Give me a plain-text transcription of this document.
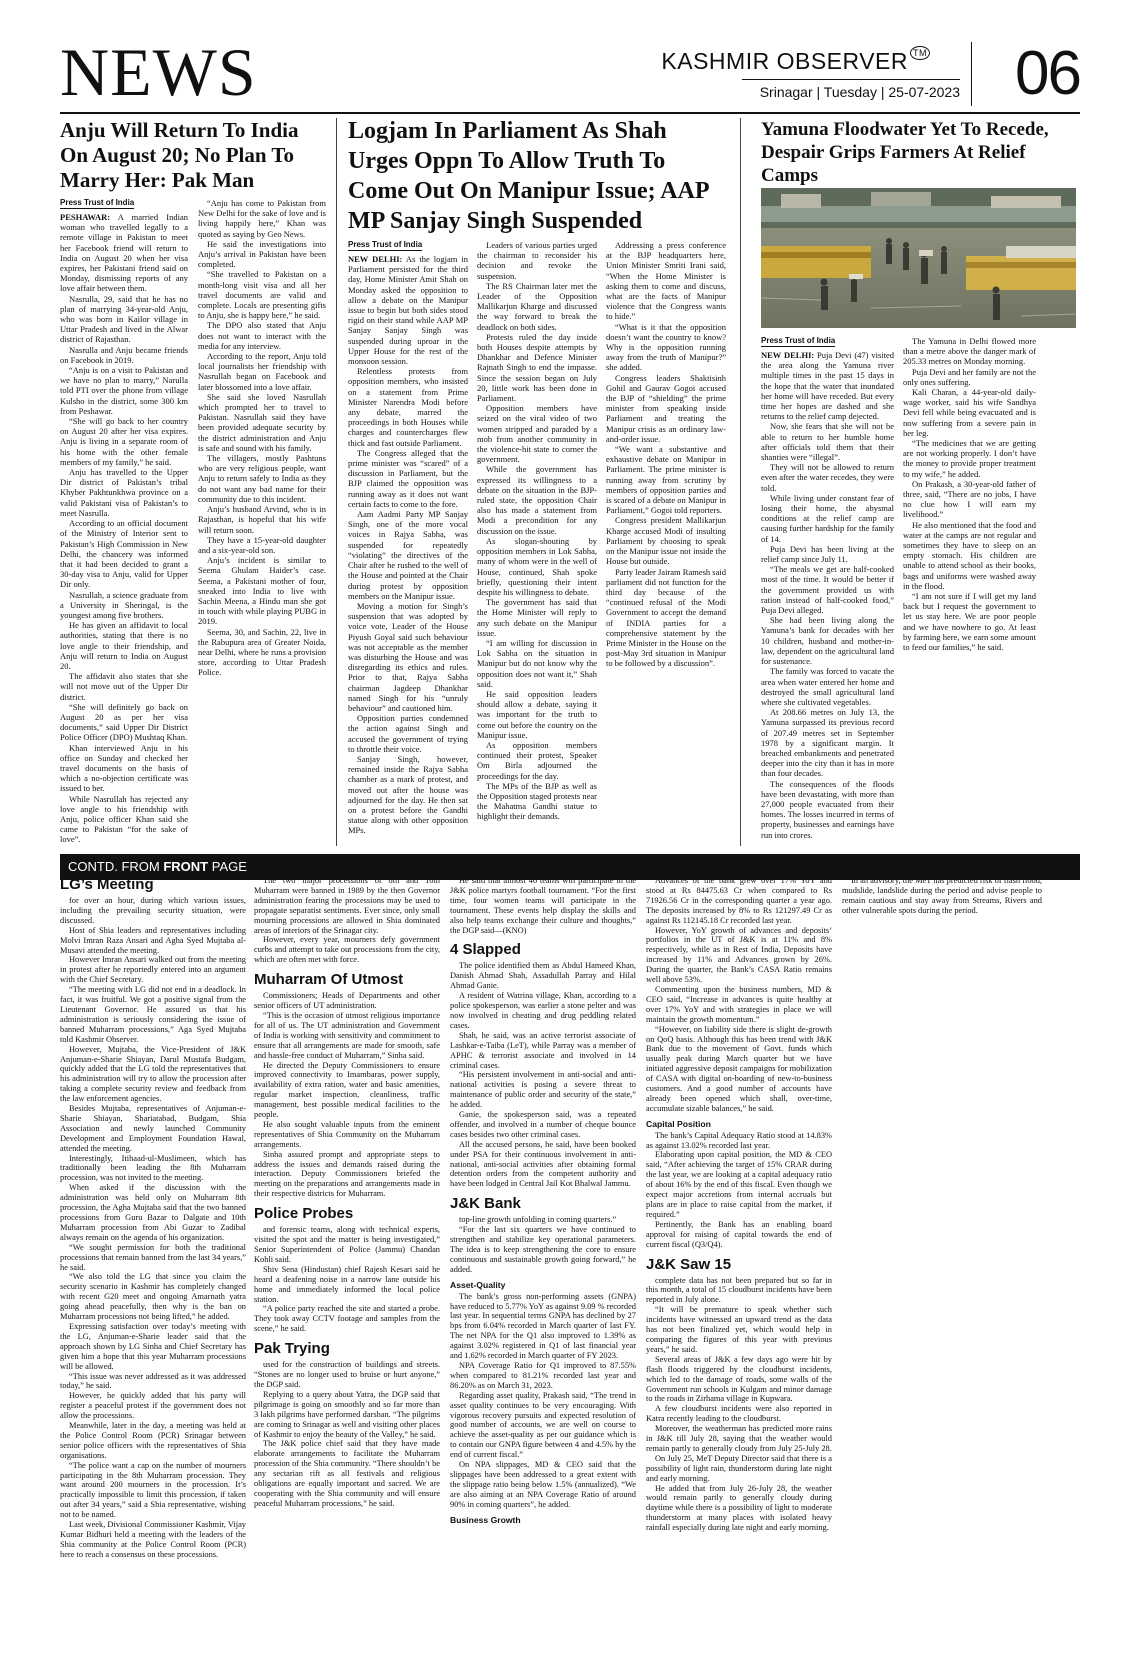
NEWS	KASHMIR OBSERVER ™
Srinagar | Tuesday | 25-07-2023 06
Anju Will Return To India On August 20; No Plan To Marry Her: Pak Man
Press Trust of India

PESHAWAR: A married Indian woman who travelled legally to a remote village in Pakistan to meet her Facebook friend will return to India on August 20 when her visa expires, her Pakistani friend said on Monday, dismissing reports of any love affair between them.

Nasrulla, 29, said that he has no plan of marrying 34-year-old Anju, who was born in Kailor village in Uttar Pradesh and lived in the Alwar district of Rajasthan.

Nasrulla and Anju became friends on Facebook in 2019.

“Anju is on a visit to Pakistan and we have no plan to marry,” Narulla told PTI over the phone from village Kulsho in the district, some 300 km from Peshawar.

“She will go back to her country on August 20 after her visa expires. Anju is living in a separate room of his home with the other female members of my family,” he said.

Anju has travelled to the Upper Dir district of Pakistan’s tribal Khyber Pakhtunkhwa province on a valid Pakistani visa of Pakistan’s to meet Nasrulla.

According to an official document of the Ministry of Interior sent to Pakistan’s High Commission in New Delhi, the chancery was informed that it had been decided to grant a 30-day visa to Anju, valid for Upper Dir only.

Nasrullah, a science graduate from a University in Sheringal, is the youngest among five brothers.

He has given an affidavit to local authorities, stating that there is no love angle to their friendship, and Anju will return to India on August 20.

The affidavit also states that she will not move out of the Upper Dir district.

“She will definitely go back on August 20 as per her visa documents,” said Upper Dir District Police Officer (DPO) Mushtaq Khan.

Khan interviewed Anju in his office on Sunday and checked her travel documents on the basis of which a no-objection certificate was issued to her.

While Nasrullah has rejected any love angle to his friendship with Anju, police officer Khan said she came to Pakistan “for the sake of love”.

“Anju has come to Pakistan from New Delhi for the sake of love and is living happily here,” Khan was quoted as saying by Geo News.

He said the investigations into Anju’s arrival in Pakistan have been completed.

“She travelled to Pakistan on a month-long visit visa and all her travel documents are valid and complete. Locals are presenting gifts to Anju, she is happy here,” he said.

The DPO also stated that Anju does not want to interact with the media for any interview.

According to the report, Anju told local journalists her friendship with Nasrullah began on Facebook and later blossomed into a love affair.

She said she loved Nasrullah which prompted her to travel to Pakistan. Nasrullah said they have been provided adequate security by the district administration and Anju is safe and sound with his family.

The villagers, mostly Pashtuns who are very religious people, want Anju to return safely to India as they do not want any bad name for their community due to this incident.

Anju’s husband Arvind, who is in Rajasthan, is hopeful that his wife will return soon.

They have a 15-year-old daughter and a six-year-old son.

Anju’s incident is similar to Seema Ghulam Haider’s case. Seema, a Pakistani mother of four, sneaked into India to live with Sachin Meena, a Hindu man she got in touch with while playing PUBG in 2019.

Seema, 30, and Sachin, 22, live in the Rabupura area of Greater Noida, near Delhi, where he runs a provision store, according to Uttar Pradesh Police.

Logjam In Parliament As Shah Urges Oppn To Allow Truth To Come Out On Manipur Issue; AAP MP Sanjay Singh Suspended
Press Trust of India

NEW DELHI: As the logjam in Parliament persisted for the third day, Home Minister Amit Shah on Monday asked the opposition to allow a debate on the Manipur issue to begin but both sides stood rigid on their stand while AAP MP Sanjay Sanjay Singh was suspended during uproar in the Upper House for the rest of the monsoon session.

Relentless protests from opposition members, who insisted on a statement from Prime Minister Narendra Modi before any debate, marred the proceedings in both Houses while charges and countercharges flew thick and fast outside Parliament.

The Congress alleged that the prime minister was “scared” of a discussion in Parliament, but the BJP claimed the opposition was running away as it does not want certain facts to come to the fore.

Aam Aadmi Party MP Sanjay Singh, one of the more vocal voices in Rajya Sabha, was suspended for repeatedly “violating” the directives of the Chair after he rushed to the well of the House and pointed at the Chair during protest by opposition members on the Manipur issue.

Moving a motion for Singh’s suspension that was adopted by voice vote, Leader of the House Piyush Goyal said such behaviour was not acceptable as the member was disturbing the House and was disregarding its ethics and rules. Prior to that, Rajya Sabha chairman Jagdeep Dhankhar named Singh for his “unruly behaviour” and cautioned him.

Opposition parties condemned the action against Singh and accused the government of trying to throttle their voice.

Sanjay Singh, however, remained inside the Rajya Sabha chamber as a mark of protest, and moved out after the house was adjourned for the day. He then sat on a protest before the Gandhi statue along with other opposition MPs.

Leaders of various parties urged the chairman to reconsider his decision and revoke the suspension.

The RS Chairman later met the Leader of the Opposition Mallikarjun Kharge and discussed the way forward to break the deadlock on both sides.

Protests ruled the day inside both Houses despite attempts by Dhankhar and Defence Minister Rajnath Singh to end the impasse. Since the session began on July 20, little work has been done in Parliament.

Opposition members have seized on the viral video of two women stripped and paraded by a mob from another community in the violence-hit state to corner the government.

While the government has expressed its willingness to a debate on the situation in the BJP-ruled state, the opposition Chair also has made a statement from Modi a precondition for any discussion on the issue.

As slogan-shouting by opposition members in Lok Sabha, many of whom were in the well of House, continued, Shah spoke briefly, questioning their intent despite his willingness to debate.

The government has said that the Home Minister will reply to any such debate on the Manipur issue.

“I am willing for discussion in Lok Sabha on the situation in Manipur but do not know why the opposition does not want it,” Shah said.

He said opposition leaders should allow a debate, saying it was important for the truth to come out before the country on the Manipur issue.

As opposition members continued their protest, Speaker Om Birla adjourned the proceedings for the day.

The MPs of the BJP as well as the Opposition staged protests near the Mahatma Gandhi statue to highlight their demands.

Addressing a press conference at the BJP headquarters here, Union Minister Smriti Irani said, “When the Home Minister is asking them to come and discuss, what are the facts of Manipur violence that the Congress wants to hide.”

“What is it that the opposition doesn’t want the country to know? Why is the opposition running away from the truth of Manipur?” she added.

Congress leaders Shaktisinh Gohil and Gaurav Gogoi accused the BJP of “shielding” the prime minister from speaking inside Parliament and treating the Manipur crisis as an ordinary law-and-order issue.

“We want a substantive and exhaustive debate on Manipur in Parliament. The prime minister is running away from scrutiny by members of opposition parties and is scared of a debate on Manipur in Parliament,” Gogoi told reporters.

Congress president Mallikarjun Kharge accused Modi of insulting Parliament by choosing to speak on the Manipur issue not inside the House but outside.

Party leader Jairam Ramesh said parliament did not function for the third day because of the “continued refusal of the Modi Government to accept the demand of INDIA parties for a comprehensive statement by the Prime Minister in the House on the post-May 3rd situation in Manipur to be followed by a discussion”.

Yamuna Floodwater Yet To Recede, Despair Grips Farmers At Relief Camps
Press Trust of India

NEW DELHI: Puja Devi (47) visited the area along the Yamuna river multiple times in the past 15 days in the hope that the water that inundated her home will have receded. But every time her hopes are dashed and she returns to the relief camp dejected.

Now, she fears that she will not be able to return to her humble home after officials told them that their shanties were “illegal”.

They will not be allowed to return even after the water recedes, they were told.

While living under constant fear of losing their home, the abysmal conditions at the relief camp are causing further hardship for the family of 14.

Puja Devi has been living at the relief camp since July 11.

“The meals we get are half-cooked most of the time. It would be better if the government provided us with ration instead of half-cooked food,” Puja Devi alleged.

She had been living along the Yamuna’s bank for decades with her 10 children, husband and mother-in-law, dependent on the agricultural land for sustenance.

The family was forced to vacate the area when water entered her home and destroyed the small agricultural land where she cultivated vegetables.

At 208.66 metres on July 13, the Yamuna surpassed its previous record of 207.49 metres set in September 1978 by a significant margin. It breached embankments and penetrated deeper into the city than it has in more than four decades.

The consequences of the floods have been devastating, with more than 27,000 people evacuated from their homes. The losses incurred in terms of property, businesses and earnings have run into crores.

The Yamuna in Delhi flowed more than a metre above the danger mark of 205.33 metres on Monday morning.

Puja Devi and her family are not the only ones suffering.

Kali Charan, a 44-year-old daily-wage worker, said his wife Sandhya Devi fell while being evacuated and is now suffering from a severe pain in her leg.

“The medicines that we are getting are not working properly. I don’t have the money to provide proper treatment to my wife,” he added.

On Prakash, a 30-year-old father of three, said, “There are no jobs, I have no clue how I will earn my livelihood.”

He also mentioned that the food and water at the camps are not regular and sometimes they have to sleep on an empty stomach. His children are unable to attend school as their books, bags and uniforms were washed away in the flood.

“I am not sure if I will get my land back but I request the government to let us stay here. We are poor people and we have nowhere to go. At least by farming here, we earn some amount to feed our families,” he said.

CONTD. FROM FRONT PAGE

LG’s Meeting

for over an hour, during which various issues, including the prevailing security situation, were discussed.

Host of Shia leaders and representatives including Molvi Imran Raza Ansari and Agha Syed Mujtaba al-Musavi attended the meeting.

However Imran Ansari walked out from the meeting in protest after he reportedly entered into an argument with the Chief Secretary.

“The meeting with LG did not end in a deadlock. In fact, it was fruitful. We got a positive signal from the Lieutenant Governor. He assured us that his administration is seriously considering the issue of banned Muharram processions,” Aga Syed Mujtaba told Kashmir Observer.

However, Mujtaba, the Vice-President of J&K Anjuman-e-Sharie Shiayan, Darul Mustafa Budgam, quickly added that the LG told the representatives that his administration will try to allow the procession after taking a complete security review and feedback from the law enforcement agencies.

Besides Mujtaba, representatives of Anjuman-e-Sharie Shiayan, Shariatabad, Budgam, Shia Association and newly launched Community Development and Employment Foundation Hawal, attended the meeting.

Interestingly, Itihaad-ul-Muslimeen, which has traditionally been leading the 8th Muharram procession, was not invited to the meeting.

When asked if the discussion with the administration was held only on Muharram 8th procession, the Agha Mujtaba said that the two banned processions from Guru Bazar to Dalgate and 10th Muharram procession from Abi Guzar to Zadibal always remain on the agenda of his organization.

“We sought permission for both the traditional processions that remain banned from the last 34 years,” he said.

“We also told the LG that since you claim the security scenario in Kashmir has completely changed with recent G20 meet and ongoing Amarnath yatra going ahead peacefully, then why is the ban on Muharram processions not being lifted,” he added.

Expressing satisfaction over today’s meeting with the LG, Anjuman-e-Sharie leader said that the approach shown by LG Sinha and Chief Secretary has given him a hope that this year Muharram processions will be allowed.

“This issue was never addressed as it was addressed today,” he said.

However, he quickly added that his party will register a peaceful protest if the government does not allow the processions.

Meanwhile, later in the day, a meeting was held at the Police Control Room (PCR) Srinagar between senior police officers with the representatives of Shia organisations.

“The police want a cap on the number of mourners participating in the 8th Muharram procession. They want around 200 mourners in the procession. It’s practically impossible to limit this procession, if taken out after 34 years,” said a Shia representative, wishing not to be named.

Last week, Divisional Commissioner Kashmir, Vijay Kumar Bidhuri held a meeting with the leaders of the Shia community at the Police Control Room (PCR) here to reach a consensus on these processions.

The two major processions of 8th and 10th Muharram were banned in 1989 by the then Governor administration fearing the processions may be used to propagate separatist sentiments. Ever since, only small mourning processions are allowed in Shia dominated areas of interiors of the Srinagar city.

However, every year, mourners defy government curbs and attempt to take out processions from the city, which are often met with force.

Muharram Of Utmost

Commissioners; Heads of Departments and other senior officers of UT administration.

“This is the occasion of utmost religious importance for all of us. The UT administration and Government of India is working with sensitivity and commitment to ensure that all arrangements are made for smooth, safe and hassle-free conduct of Muharram,” Sinha said.

He directed the Deputy Commissioners to ensure improved connectivity to Imambaras, power supply, availability of extra ration, water and basic amenities, regular market inspection, cleanliness, traffic management, best possible medical facilities to the people.

He also sought valuable inputs from the eminent representatives of Shia Community on the Muharram arrangements.

Sinha assured prompt and appropriate steps to address the issues and demands raised during the interaction. Deputy Commissioners briefed the meeting on the preparations and arrangements made in their respective districts for Muharram.

Police Probes

and forensic teams, along with technical experts, visited the spot and the matter is being investigated,” Senior Superintendent of Police (Jammu) Chandan Kohli said.

Shiv Sena (Hindustan) chief Rajesh Kesari said he heard a deafening noise in a narrow lane outside his home and immediately informed the local police station.

“A police party reached the site and started a probe. They took away CCTV footage and samples from the scene,” he said.

Pak Trying

used for the construction of buildings and streets. “Stones are no longer used to bruise or hurt anyone,” the DGP said.

Replying to a query about Yatra, the DGP said that pilgrimage is going on smoothly and so far more than 3 lakh pilgrims have performed darshan. “The pilgrims are coming to Srinagar as well and visiting other places of Kashmir to enjoy the beauty of the Valley,” he said.

The J&K police chief said that they have made elaborate arrangements to facilitate the Muharram procession of the Shia community. “There shouldn’t be any sectarian rift as all festivals and religious obligations are equally important and sacred. We are cooperating with the Shia community and will ensure peaceful Muharram processions,” he said.

He said that almost 46 teams will participate in the J&K police martyrs football tournament. “For the first time, four women teams will participate in the tournament. These events help display the skills and also help teams exchange their culture and thoughts,” the DGP said—(KNO)

4 Slapped

The police identified them as Abdul Hameed Khan, Danish Ahmad Shah, Assadullah Parray and Hilal Ahmad Ganie.

A resident of Watrina village, Khan, according to a police spokesperson, was earlier a stone pelter and was now involved in cheating and drug peddling related cases.

Shah, he said, was an active terrorist associate of Lashkar-e-Taiba (LeT), while Parray was a member of APHC & terrorist associate and involved in 14 criminal cases.

“His persistent involvement in anti-social and anti-national activities is posing a severe threat to maintenance of public order and security of the state,” he added.

Ganie, the spokesperson said, was a repeated offender, and involved in a number of cheque bounce cases besides two other criminal cases.

All the accused persons, he said, have been booked under PSA for their continuous involvement in anti-national, anti-social activities after obtaining formal detention orders from the competent authority and have been lodged in Central Jail Kot Bhalwal Jammu.

J&K Bank

top-line growth unfolding in coming quarters.”

“For the last six quarters we have continued to strengthen and stabilize key operational parameters. The idea is to keep strengthening the core to ensure continuous and sustainable growth going forward,” he added.

Asset-Quality

The bank’s gross non-performing assets (GNPA) have reduced to 5.77% YoY as against 9.09 % recorded last year. In sequential terms GNPA has declined by 27 bps from 6.04% recorded in March quarter of last FY. The net NPA for the Q1 also improved to 1.39% as against 3.02% registered in Q1 of last financial year and 1.62% recorded in March quarter of FY 2023.

NPA Coverage Ratio for Q1 improved to 87.55% when compared to 81.21% recorded last year and 86.20% as on March 31, 2023.

Regarding asset quality, Prakash said, “The trend in asset quality continues to be very encouraging. With vigorous recovery pursuits and expected resolution of good number of accounts, we are well on course to achieve the asset-quality as per our guidance which is to contain our GNPA figure between 4 and 4.5% by the end of current fiscal.”

On NPA slippages, MD & CEO said that the slippages have been addressed to a great extent with the slippage ratio being below 1.5% (annualized). “We are also aiming at an NPA Coverage Ratio of around 90% in coming quarters”, he added.

Business Growth

Advances of the bank grew over 17% YoY and stood at Rs 84475.63 Cr when compared to Rs 71926.56 Cr in the corresponding quarter a year ago. The deposits increased by 8% to Rs 121297.49 Cr as against Rs 112145.18 Cr recorded last year.

However, YoY growth of advances and deposits’ portfolios in the UT of J&K is at 11% and 8% respectively, while as in Rest of India, Deposits have increased by 11% and Advances grown by 26%. During the quarter, the Bank’s CASA Ratio remains well above 53%.

Commenting upon the business numbers, MD & CEO said, “Increase in advances is quite healthy at over 17% YoY and with strategies in place we will maintain the growth momentum.”

“However, on liability side there is slight de-growth on QoQ basis. Although this has been trend with J&K Bank due to the movement of Govt. funds which usually peak during March quarter but we have initiated aggressive deposit campaigns for mobilization of CASA with digital on-boarding of new-to-business customers. And a good number of accounts have already been opened which shall, over-time, accumulate sizable balances,” he said.

Capital Position

The bank’s Capital Adequacy Ratio stood at 14.83% as against 13.02% recorded last year.

Elaborating upon capital position, the MD & CEO said, “After achieving the target of 15% CRAR during the last year, we are looking at a capital adequacy ratio of about 16% by the end of this fiscal. Even though we expect major accretions from internal accruals but plans are in place to raise capital from the market, if required.”

Pertinently, the Bank has an enabling board approval for raising of capital towards the end of current fiscal (Q3/Q4).

J&K Saw 15

complete data has not been prepared but so far in this month, a total of 15 cloudburst incidents have been reported in July alone.

“It will be premature to speak whether such incidents have witnessed an upward trend as the data has not been finalized yet, which would help in comparing the figures of this year with previous years,” he said.

Several areas of J&K a few days ago were hit by flash floods triggered by the cloudburst incidents, which led to the damage of roads, some walls of the Government run schools in Kulgam and minor damage to the roads in Zirhama village in Kupwara.

A few cloudburst incidents were also reported in Katra recently leading to the cloudburst.

Moreover, the weatherman has predicted more rains in J&K till July 28, saying that the weather would remain partly to generally cloudy from July 25-July 28.

On July 25, MeT Deputy Director said that there is a possibility of light rain, thunderstorm during late night and early morning.

He added that from July 26-July 28, the weather would remain partly to generally cloudy during daytime while there is a possibility of light to moderate thunderstorm at many places with isolated heavy rainfall especially during late night and early morning.

In an advisory, the MeT has predicted risk of flash flood, mudslide, landslide during the period and advise people to remain cautious and stay away from Streams, Rivers and other vulnerable spots during the period.
